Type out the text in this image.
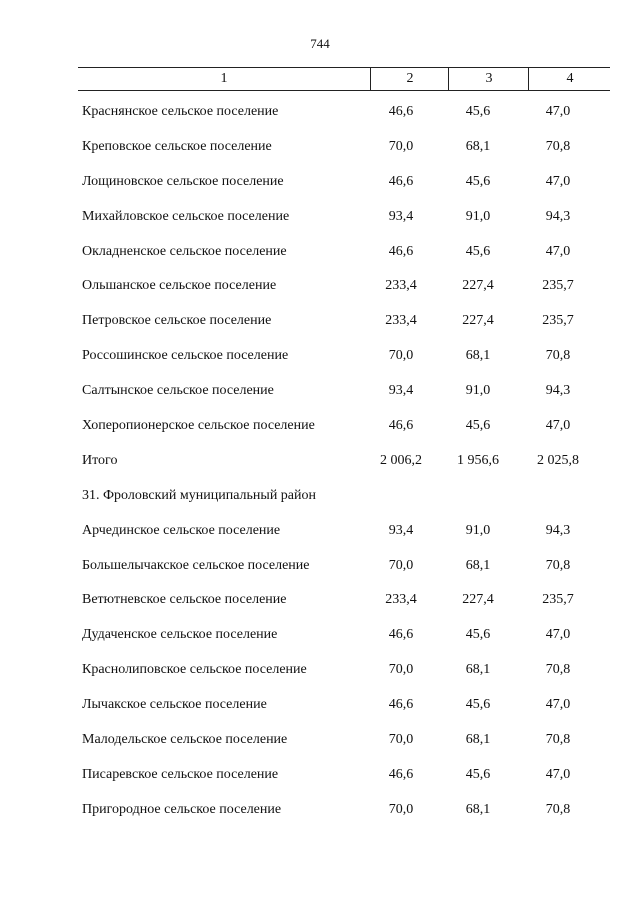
744
1	2	3	4
Краснянское сельское поселение	46,6	45,6	47,0
Креповское сельское поселение	70,0	68,1	70,8
Лощиновское сельское поселение	46,6	45,6	47,0
Михайловское сельское поселение	93,4	91,0	94,3
Окладненское сельское поселение	46,6	45,6	47,0
Ольшанское сельское поселение	233,4	227,4	235,7
Петровское сельское поселение	233,4	227,4	235,7
Россошинское сельское поселение	70,0	68,1	70,8
Салтынское сельское поселение	93,4	91,0	94,3
Хоперопионерское сельское поселение	46,6	45,6	47,0
Итого	2 006,2	1 956,6	2 025,8
31. Фроловский муниципальный район
Арчединское сельское поселение	93,4	91,0	94,3
Большелычакское сельское поселение	70,0	68,1	70,8
Ветютневское сельское поселение	233,4	227,4	235,7
Дудаченское сельское поселение	46,6	45,6	47,0
Краснолиповское сельское поселение	70,0	68,1	70,8
Лычакское сельское поселение	46,6	45,6	47,0
Малодельское сельское поселение	70,0	68,1	70,8
Писаревское сельское поселение	46,6	45,6	47,0
Пригородное сельское поселение	70,0	68,1	70,8
